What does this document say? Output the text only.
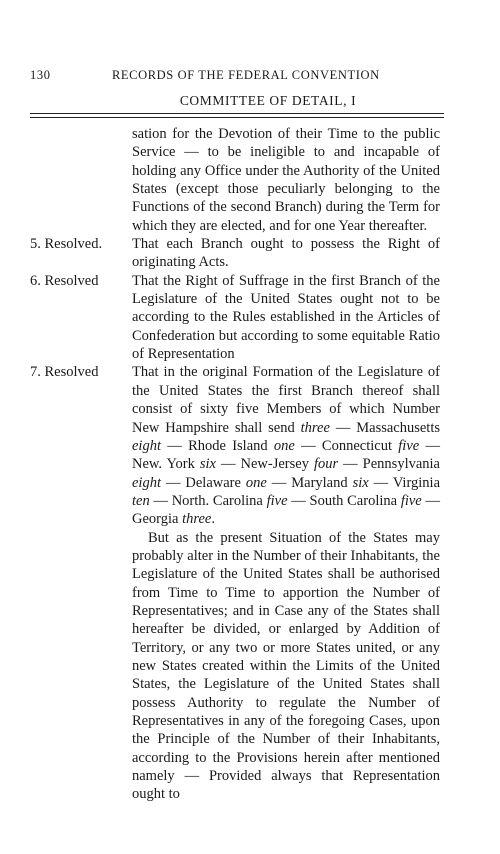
130	RECORDS OF THE FEDERAL CONVENTION
COMMITTEE OF DETAIL, I
sation for the Devotion of their Time to the public Service — to be ineligible to and incapable of holding any Office under the Authority of the United States (except those peculiarly belonging to the Functions of the second Branch) during the Term for which they are elected, and for one Year thereafter.
5. Resolved.	That each Branch ought to possess the Right of originating Acts.
6. Resolved	That the Right of Suffrage in the first Branch of the Legislature of the United States ought not to be according to the Rules established in the Articles of Confederation but according to some equitable Ratio of Representation
7. Resolved	That in the original Formation of the Legislature of the United States the first Branch thereof shall consist of sixty five Members of which Number New Hampshire shall send three — Massachusetts eight — Rhode Island one — Connecticut five — New. York six — New-Jersey four — Pennsylvania eight — Delaware one — Maryland six — Virginia ten — North. Carolina five — South Carolina five — Georgia three.
But as the present Situation of the States may probably alter in the Number of their Inhabitants, the Legislature of the United States shall be authorised from Time to Time to apportion the Number of Representatives; and in Case any of the States shall hereafter be divided, or enlarged by Addition of Territory, or any two or more States united, or any new States created within the Limits of the United States, the Legislature of the United States shall possess Authority to regulate the Number of Representatives in any of the foregoing Cases, upon the Principle of the Number of their Inhabitants, according to the Provisions herein after mentioned namely — Provided always that Representation ought to
